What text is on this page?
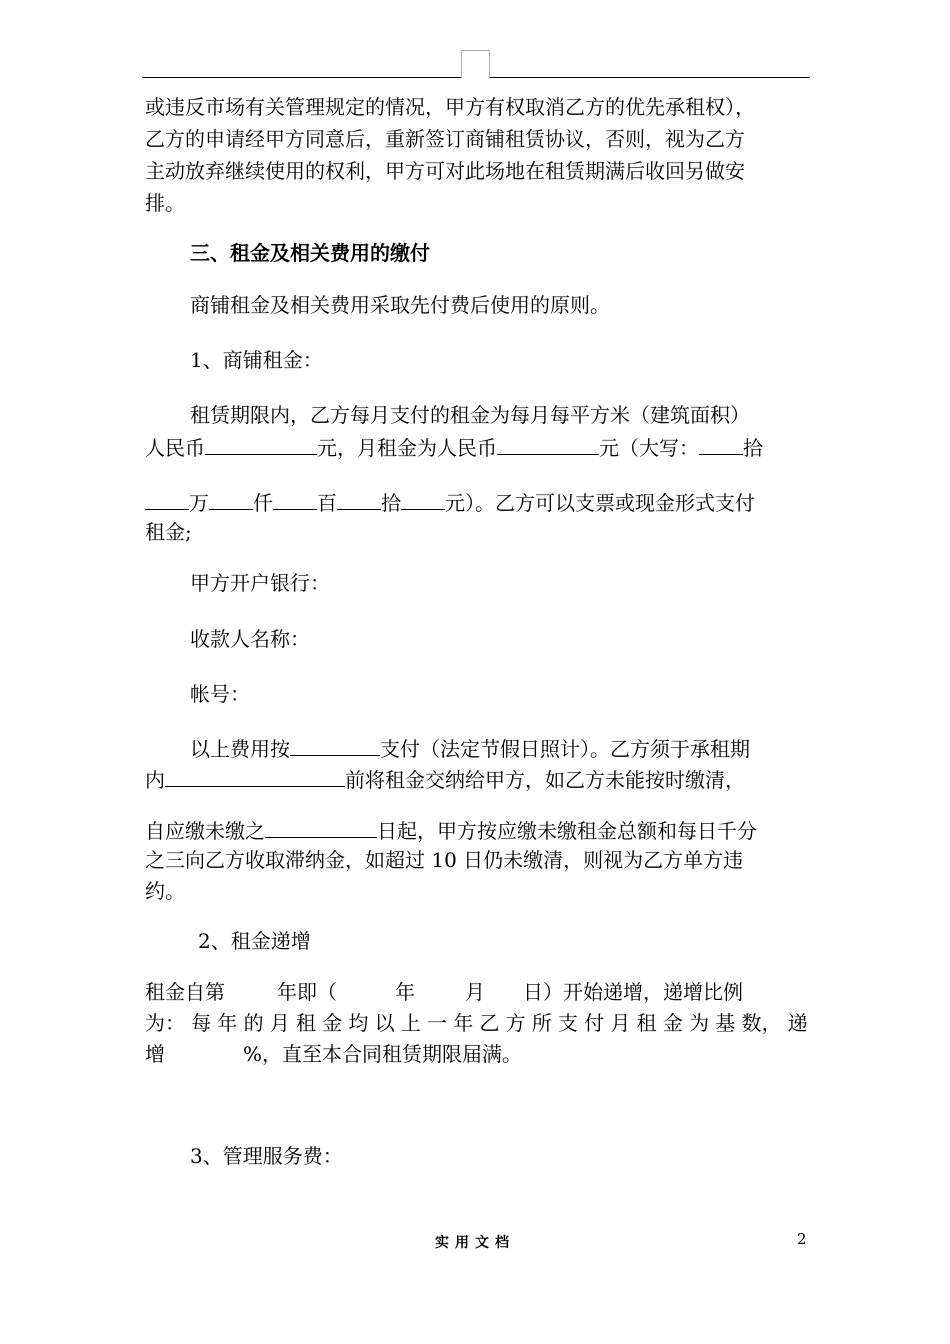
或违反市场有关管理规定的情况，甲方有权取消乙方的优先承租权），
乙方的申请经甲方同意后，重新签订商铺租赁协议，否则，视为乙方
主动放弃继续使用的权利，甲方可对此场地在租赁期满后收回另做安
排。
三、租金及相关费用的缴付
商铺租金及相关费用采取先付费后使用的原则。
1、商铺租金：
租赁期限内，乙方每月支付的租金为每月每平方米（建筑面积）
人民币	元，月租金为人民币	元（大写： 拾
万 仟 百 拾 元）。乙方可以支票或现金形式支付
租金;
甲方开户银行：
收款人名称：
帐号：
以上费用按	支付（法定节假日照计）。乙方须于承租期
内	前将租金交纳给甲方，如乙方未能按时缴清，
自应缴未缴之	日起，甲方按应缴未缴租金总额和每日千分
之三向乙方收取滞纳金，如超过 10 日仍未缴清，则视为乙方单方违
约。
2、租金递增
租金自第	年即（	年	月 日）开始递增，递增比例
为： 每 年 的 月 租 金 均 以 上 一 年 乙 方 所 支 付 月 租 金 为 基 数， 递
增	%，直至本合同租赁期限届满。
3、管理服务费：
实用文档	2
